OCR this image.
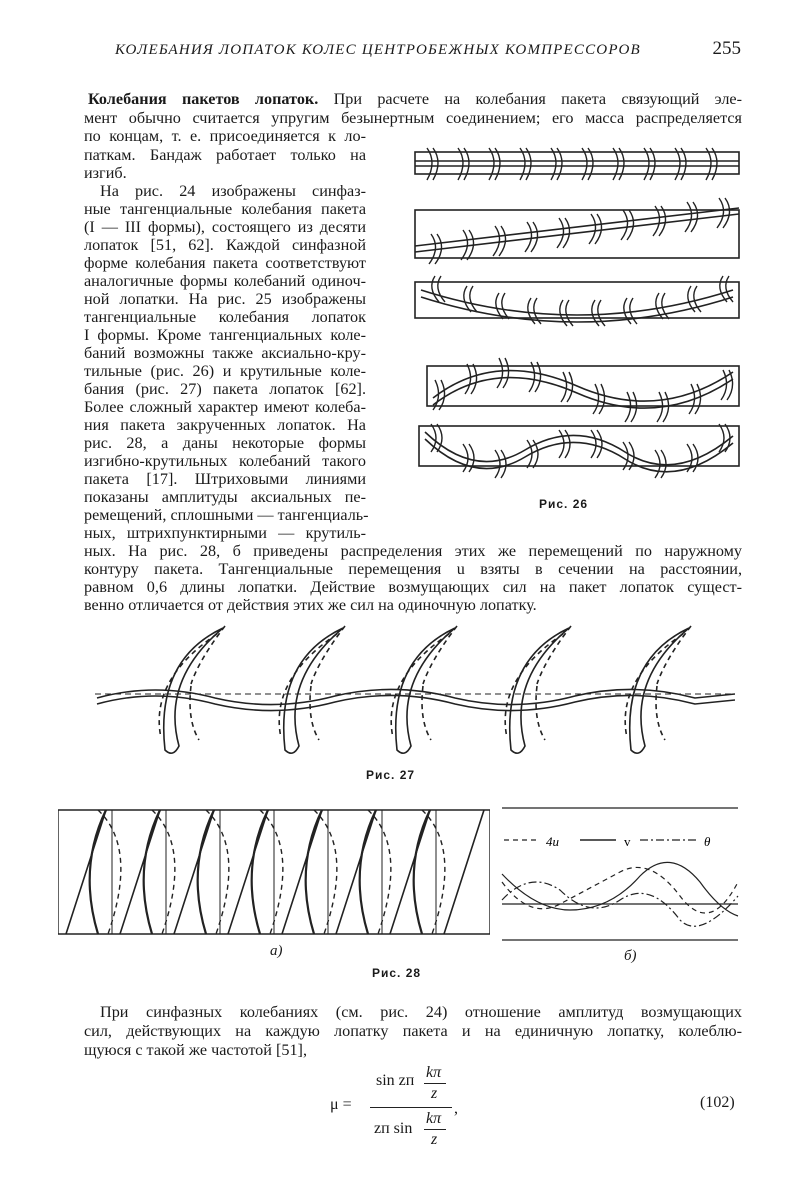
КОЛЕБАНИЯ ЛОПАТОК КОЛЕС ЦЕНТРОБЕЖНЫХ КОМПРЕССОРОВ	255
Колебания пакетов лопаток. При расчете на колебания пакета связующий эле-
мент обычно считается упругим безынертным соединением; его масса распределяется
по концам, т. е. присоединяется к ло-
паткам. Бандаж работает только на
изгиб.
На рис. 24 изображены синфаз-
ные тангенциальные колебания пакета
(I — III формы), состоящего из десяти
лопаток [51, 62]. Каждой синфазной
форме колебания пакета соответствуют
аналогичные формы колебаний одиноч-
ной лопатки. На рис. 25 изображены
тангенциальные колебания лопаток
I формы. Кроме тангенциальных коле-
баний возможны также аксиально-кру-
тильные (рис. 26) и крутильные коле-
бания (рис. 27) пакета лопаток [62].
Более сложный характер имеют колеба-
ния пакета закрученных лопаток. На
рис. 28, а даны некоторые формы
изгибно-крутильных колебаний такого
пакета [17]. Штриховыми линиями
показаны амплитуды аксиальных пе-
ремещений, сплошными — тангенциаль-
ных, штрихпунктирными — крутиль-
ных. На рис. 28, б приведены распределения этих же перемещений по наружному
контуру пакета. Тангенциальные перемещения u взяты в сечении на расстоянии,
равном 0,6 длины лопатки. Действие возмущающих сил на пакет лопаток сущест-
венно отличается от действия этих же сил на одиночную лопатку.
Рис. 26
Рис. 27
а)
4u	v	θ
б)
Рис. 28
При синфазных колебаниях (см. рис. 24) отношение амплитуд возмущающих
сил, действующих на каждую лопатку пакета и на единичную лопатку, колеблю-
щуюся с такой же частотой [51],
μ =
sin zп kπ
z
zп sin
kπ
z
,	(102)
